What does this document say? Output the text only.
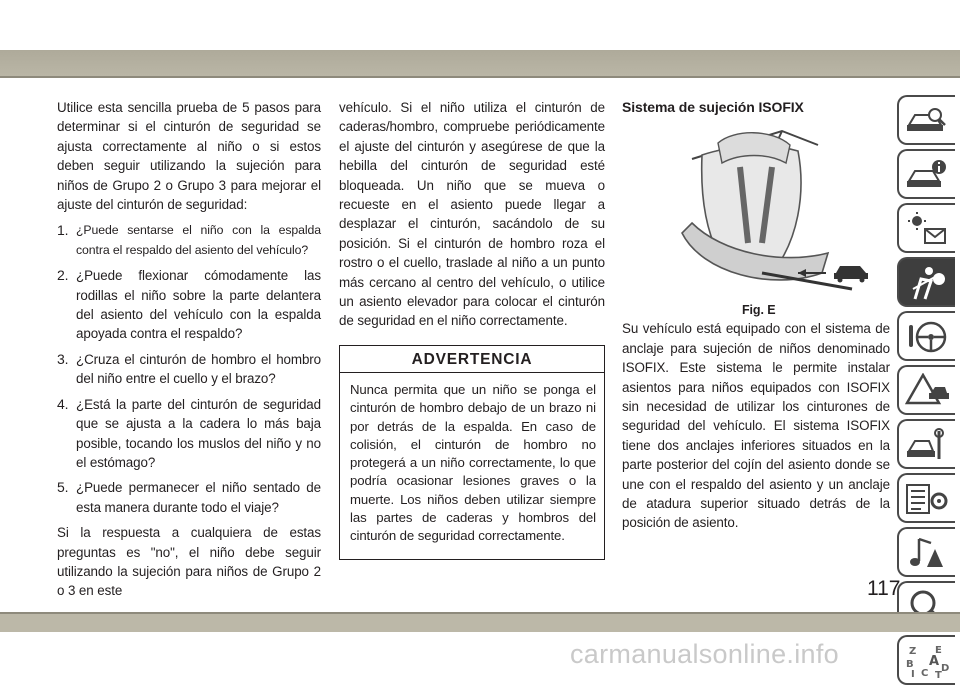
Utilice esta sencilla prueba de 5 pasos para determinar si el cinturón de seguridad se ajusta correctamente al niño o si estos deben seguir utilizando la sujeción para niños de Grupo 2 o Grupo 3 para mejorar el ajuste del cinturón de seguridad:

1. ¿Puede sentarse el niño con la espalda contra el respaldo del asiento del vehículo?
2. ¿Puede flexionar cómodamente las rodillas el niño sobre la parte delantera del asiento del vehículo con la espalda apoyada contra el respaldo?
3. ¿Cruza el cinturón de hombro el hombro del niño entre el cuello y el brazo?
4. ¿Está la parte del cinturón de seguridad que se ajusta a la cadera lo más baja posible, tocando los muslos del niño y no el estómago?
5. ¿Puede permanecer el niño sentado de esta manera durante todo el viaje?

Si la respuesta a cualquiera de estas preguntas es "no", el niño debe seguir utilizando la sujeción para niños de Grupo 2 o 3 en este

vehículo. Si el niño utiliza el cinturón de caderas/hombro, compruebe periódicamente el ajuste del cinturón y asegúrese de que la hebilla del cinturón de seguridad esté bloqueada. Un niño que se mueva o recueste en el asiento puede llegar a desplazar el cinturón, sacándolo de su posición. Si el cinturón de hombro roza el rostro o el cuello, traslade al niño a un punto más cercano al centro del vehículo, o utilice un asiento elevador para colocar el cinturón de seguridad en el niño correctamente.

ADVERTENCIA
Nunca permita que un niño se ponga el cinturón de hombro debajo de un brazo ni por detrás de la espalda. En caso de colisión, el cinturón de hombro no protegerá a un niño correctamente, lo que podría ocasionar lesiones graves o la muerte. Los niños deben utilizar siempre las partes de caderas y hombros del cinturón de seguridad correctamente.
Sistema de sujeción ISOFIX
Fig. E

Su vehículo está equipado con el sistema de anclaje para sujeción de niños denominado ISOFIX. Este sistema le permite instalar asientos para niños equipados con ISOFIX sin necesidad de utilizar los cinturones de seguridad del vehículo. El sistema ISOFIX tiene dos anclajes inferiores situados en la parte posterior del cojín del asiento donde se une con el respaldo del asiento y un anclaje de atadura superior situado detrás de la posición de asiento.

Z E
B A
C D
I T
117
carmanualsonline.info
